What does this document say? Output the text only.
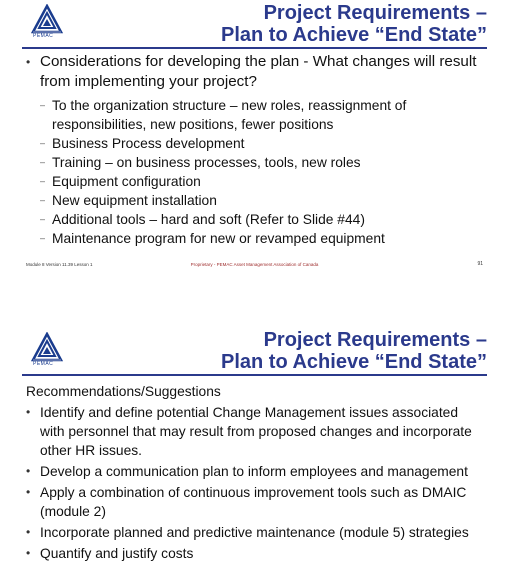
PEMAC
Project Requirements –
Plan to Achieve “End State”
• Considerations for developing the plan - What changes will result from implementing your project?
– To the organization structure – new roles, reassignment of responsibilities, new positions, fewer positions
– Business Process development
– Training – on business processes, tools, new roles
– Equipment configuration
– New equipment installation
– Additional tools – hard and soft (Refer to Slide #44)
– Maintenance program for new or revamped equipment
Module 8 Version 11.39 Lesson 1	Proprietary - PEMAC Asset Management Association of Canada	91
PEMAC
Project Requirements –
Plan to Achieve “End State”
Recommendations/Suggestions
• Identify and define potential Change Management issues associated with personnel that may result from proposed changes and incorporate other HR issues.
• Develop a communication plan to inform employees and management
• Apply a combination of continuous improvement tools such as DMAIC (module 2)
• Incorporate planned and predictive maintenance (module 5) strategies
• Quantify and justify costs
